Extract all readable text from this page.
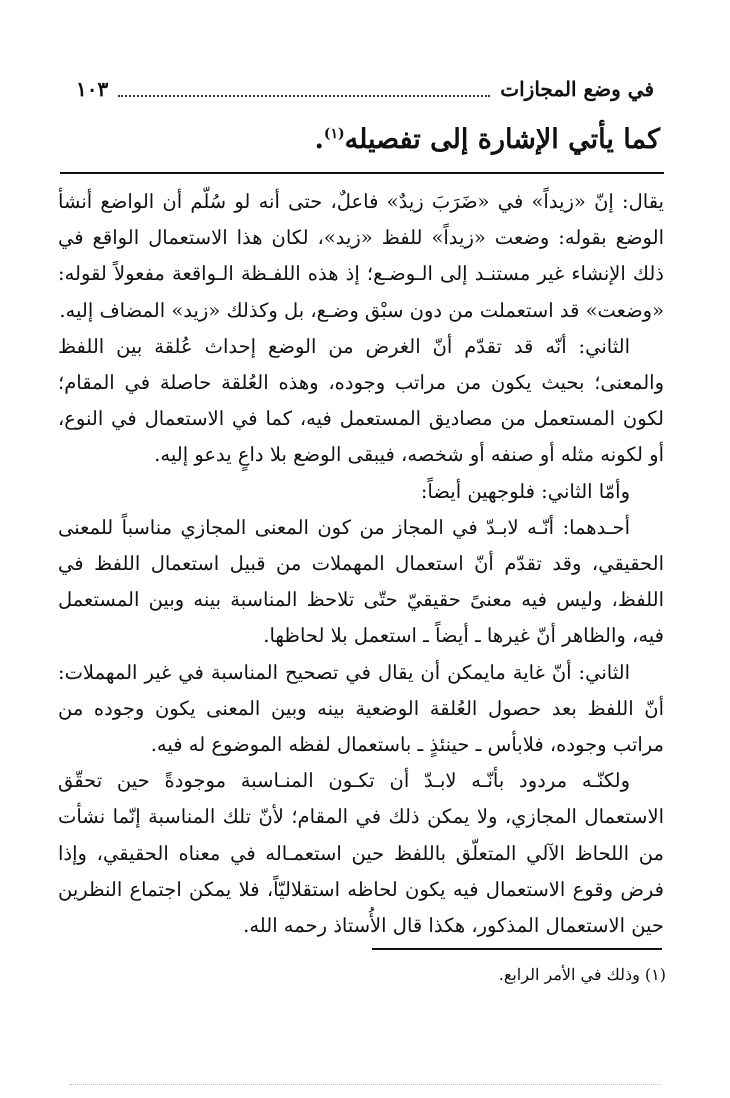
في وضع المجازات
١٠٣
كما يأتي الإشارة إلى تفصيله$^{(١)}$.

يقال: إنّ «زيداً» في «ضَرَبَ زيدٌ» فاعلٌ، حتى أنه لو سُلّم أن الواضع أنشأ الوضع بقوله: وضعت «زيداً» للفظ «زيد»، لكان هذا الاستعمال الواقع في ذلك الإنشاء غير مستنـد إلى الـوضـع؛ إذ هذه اللفـظة الـواقعة مفعولاً لقوله: «وضعت» قد استعملت من دون سبْق وضـع، بل وكذلك «زيد» المضاف إليه.

الثاني: أنّه قد تقدّم أنّ الغرض من الوضع إحداث عُلقة بين اللفظ والمعنى؛ بحيث يكون من مراتب وجوده، وهذه العُلقة حاصلة في المقام؛ لكون المستعمل من مصاديق المستعمل فيه، كما في الاستعمال في النوع، أو لكونه مثله أو صنفه أو شخصه، فيبقى الوضع بلا داعٍ يدعو إليه.

وأمّا الثاني: فلوجهين أيضاً:

أحـدهما: أنّـه لابـدّ في المجاز من كون المعنى المجازي مناسباً للمعنى الحقيقي، وقد تقدّم أنّ استعمال المهملات من قبيل استعمال اللفظ في اللفظ، وليس فيه معنىً حقيقيّ حتّى تلاحظ المناسبة بينه وبين المستعمل فيه، والظاهر أنّ غيرها ـ أيضاً ـ استعمل بلا لحاظها.

الثاني: أنّ غاية مايمكن أن يقال في تصحيح المناسبة في غير المهملات: أنّ اللفظ بعد حصول العُلقة الوضعية بينه وبين المعنى يكون وجوده من مراتب وجوده، فلابأس ـ حينئذٍ ـ باستعمال لفظه الموضوع له فيه.

ولكنّـه مردود بأنّـه لابـدّ أن تكـون المنـاسبة موجودةً حين تحقّق الاستعمال المجازي، ولا يمكن ذلك في المقام؛ لأنّ تلك المناسبة إنّما نشأت من اللحاظ الآلي المتعلّق باللفظ حين استعمـاله في معناه الحقيقي، وإذا فرض وقوع الاستعمال فيه يكون لحاظه استقلاليّاً، فلا يمكن اجتماع النظرين حين الاستعمال المذكور، هكذا قال الأُستاذ رحمه الله.

(١) وذلك في الأمر الرابع.
